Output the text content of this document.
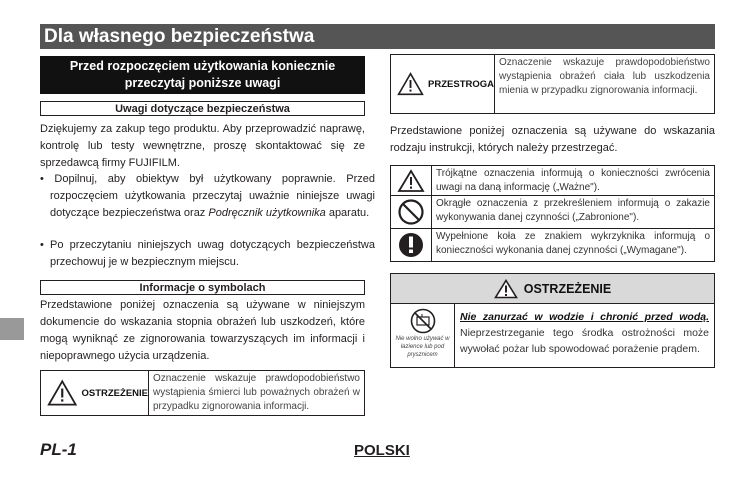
Dla własnego bezpieczeństwa
Przed rozpoczęciem użytkowania koniecznie przeczytaj poniższe uwagi
Uwagi dotyczące bezpieczeństwa
Dziękujemy za zakup tego produktu. Aby przeprowadzić naprawę, kontrolę lub testy wewnętrzne, proszę skontaktować się ze sprzedawcą firmy FUJIFILM.
• Dopilnuj, aby obiektyw był użytkowany poprawnie. Przed rozpoczęciem użytkowania przeczytaj uważnie niniejsze uwagi dotyczące bezpieczeństwa oraz Podręcznik użytkownika aparatu.
• Po przeczytaniu niniejszych uwag dotyczących bezpieczeństwa przechowuj je w bezpiecznym miejscu.
Informacje o symbolach
Przedstawione poniżej oznaczenia są używane w niniejszym dokumencie do wskazania stopnia obrażeń lub uszkodzeń, które mogą wyniknąć ze zignorowania towarzyszących im informacji i niepoprawnego użycia urządzenia.
OSTRZEŻENIE
Oznaczenie wskazuje prawdopodobieństwo wystąpienia śmierci lub poważnych obrażeń w przypadku zignorowania informacji.
PRZESTROGA
Oznaczenie wskazuje prawdopodobieństwo wystąpienia obrażeń ciała lub uszkodzenia mienia w przypadku zignorowania informacji.
Przedstawione poniżej oznaczenia są używane do wskazania rodzaju instrukcji, których należy przestrzegać.
Trójkątne oznaczenia informują o konieczności zwrócenia uwagi na daną informację („Ważne").
Okrągłe oznaczenia z przekreśleniem informują o zakazie wykonywania danej czynności („Zabronione").
Wypełnione koła ze znakiem wykrzyknika informują o konieczności wykonania danej czynności („Wymagane").
OSTRZEŻENIE
Nie wolno używać w łazience lub pod prysznicem
Nie zanurzać w wodzie i chronić przed wodą. Nieprzestrzeganie tego środka ostrożności może wywołać pożar lub spowodować porażenie prądem.
PL-1	POLSKI
